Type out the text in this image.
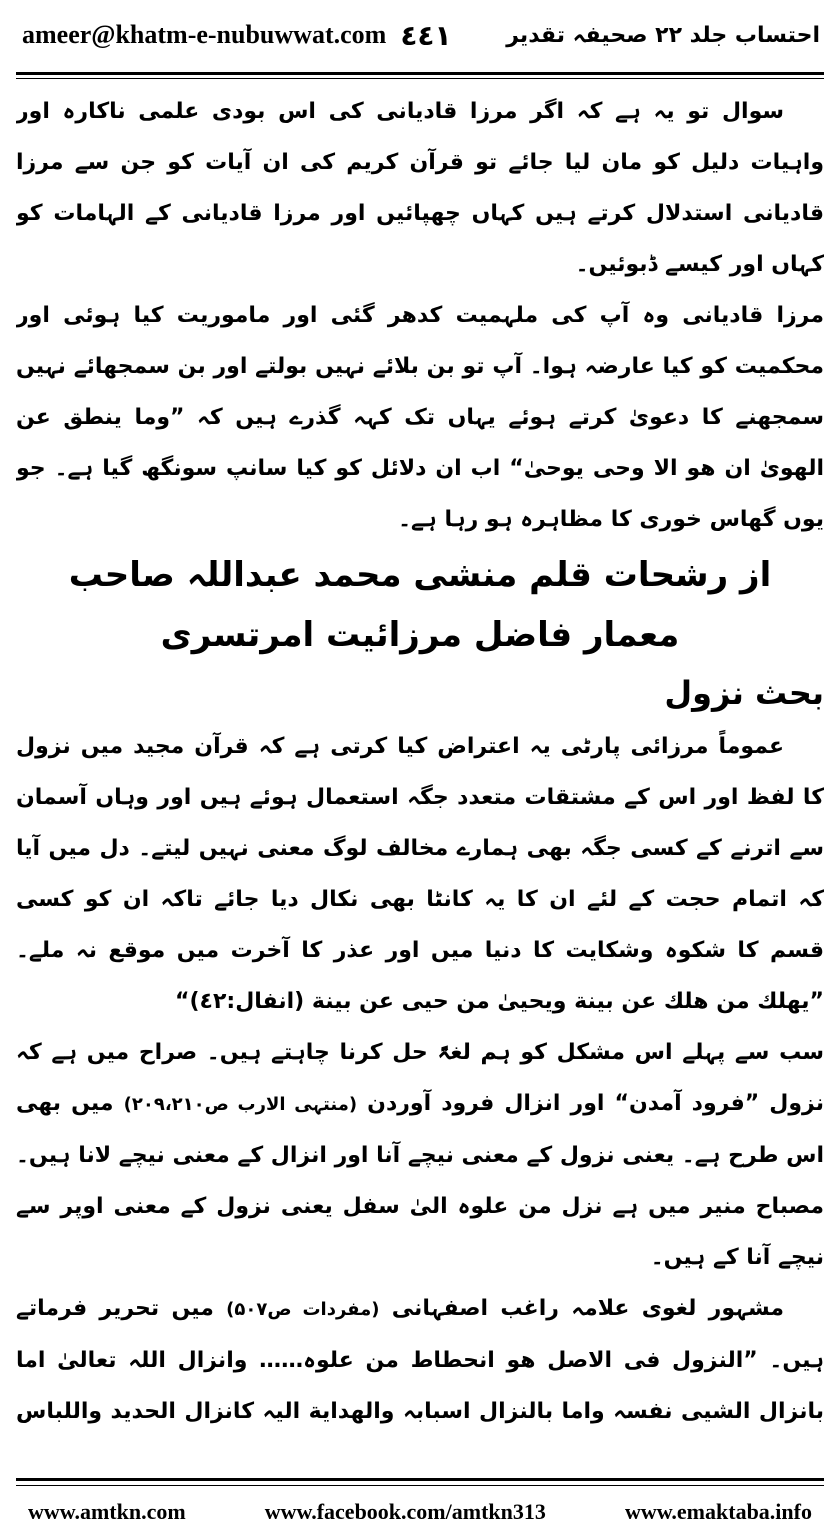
ameer@khatm-e-nubuwwat.com ٤٤١ احتساب جلد ٢٢ صحیفہ تقدیر

سوال تو یہ ہے کہ اگر مرزا قادیانی کی اس بودی علمی ناکارہ اور واہیات دلیل کو مان لیا جائے تو قرآن کریم کی ان آیات کو جن سے مرزا قادیانی استدلال کرتے ہیں کہاں چھپائیں اور مرزا قادیانی کے الہامات کو کہاں اور کیسے ڈبوئیں۔

مرزا قادیانی وہ آپ کی ملہمیت کدھر گئی اور ماموریت کیا ہوئی اور محکمیت کو کیا عارضہ ہوا۔ آپ تو بن بلائے نہیں بولتے اور بن سمجھائے نہیں سمجھنے کا دعویٰ کرتے ہوئے یہاں تک کہہ گذرے ہیں کہ ”وما ینطق عن الھویٰ ان ھو الا وحی یوحیٰ“ اب ان دلائل کو کیا سانپ سونگھ گیا ہے۔ جو یوں گھاس خوری کا مظاہرہ ہو رہا ہے۔

از رشحات قلم منشی محمد عبداللہ صاحب معمار فاضل مرزائیت امرتسری

بحث نزول

عموماً مرزائی پارٹی یہ اعتراض کیا کرتی ہے کہ قرآن مجید میں نزول کا لفظ اور اس کے مشتقات متعدد جگہ استعمال ہوئے ہیں اور وہاں آسمان سے اترنے کے کسی جگہ بھی ہمارے مخالف لوگ معنی نہیں لیتے۔ دل میں آیا کہ اتمام حجت کے لئے ان کا یہ کانٹا بھی نکال دیا جائے تاکہ ان کو کسی قسم کا شکوہ وشکایت کا دنیا میں اور عذر کا آخرت میں موقع نہ ملے۔ ”یھلك من ھلك عن بینة ویحییٰ من حیی عن بینة (انفال:٤٢)“

سب سے پہلے اس مشکل کو ہم لغۃً حل کرنا چاہتے ہیں۔ صراح میں ہے کہ نزول ”فرود آمدن“ اور انزال فرود آوردن (منتہی الارب ص۲۰۹،۲۱۰) میں بھی اس طرح ہے۔ یعنی نزول کے معنی نیچے آنا اور انزال کے معنی نیچے لانا ہیں۔ مصباح منیر میں ہے نزل من علوہ الیٰ سفل یعنی نزول کے معنی اوپر سے نیچے آنا کے ہیں۔

مشہور لغوی علامہ راغب اصفہانی (مفردات ص۵۰۷) میں تحریر فرماتے ہیں۔ ”النزول فی الاصل ھو انحطاط من علوہ…… وانزال اللہ تعالیٰ اما بانزال الشیی نفسہ واما بالنزال اسبابہ والھدایة الیہ کانزال الحدید واللباس

www.amtkn.com	www.facebook.com/amtkn313	www.emaktaba.info
